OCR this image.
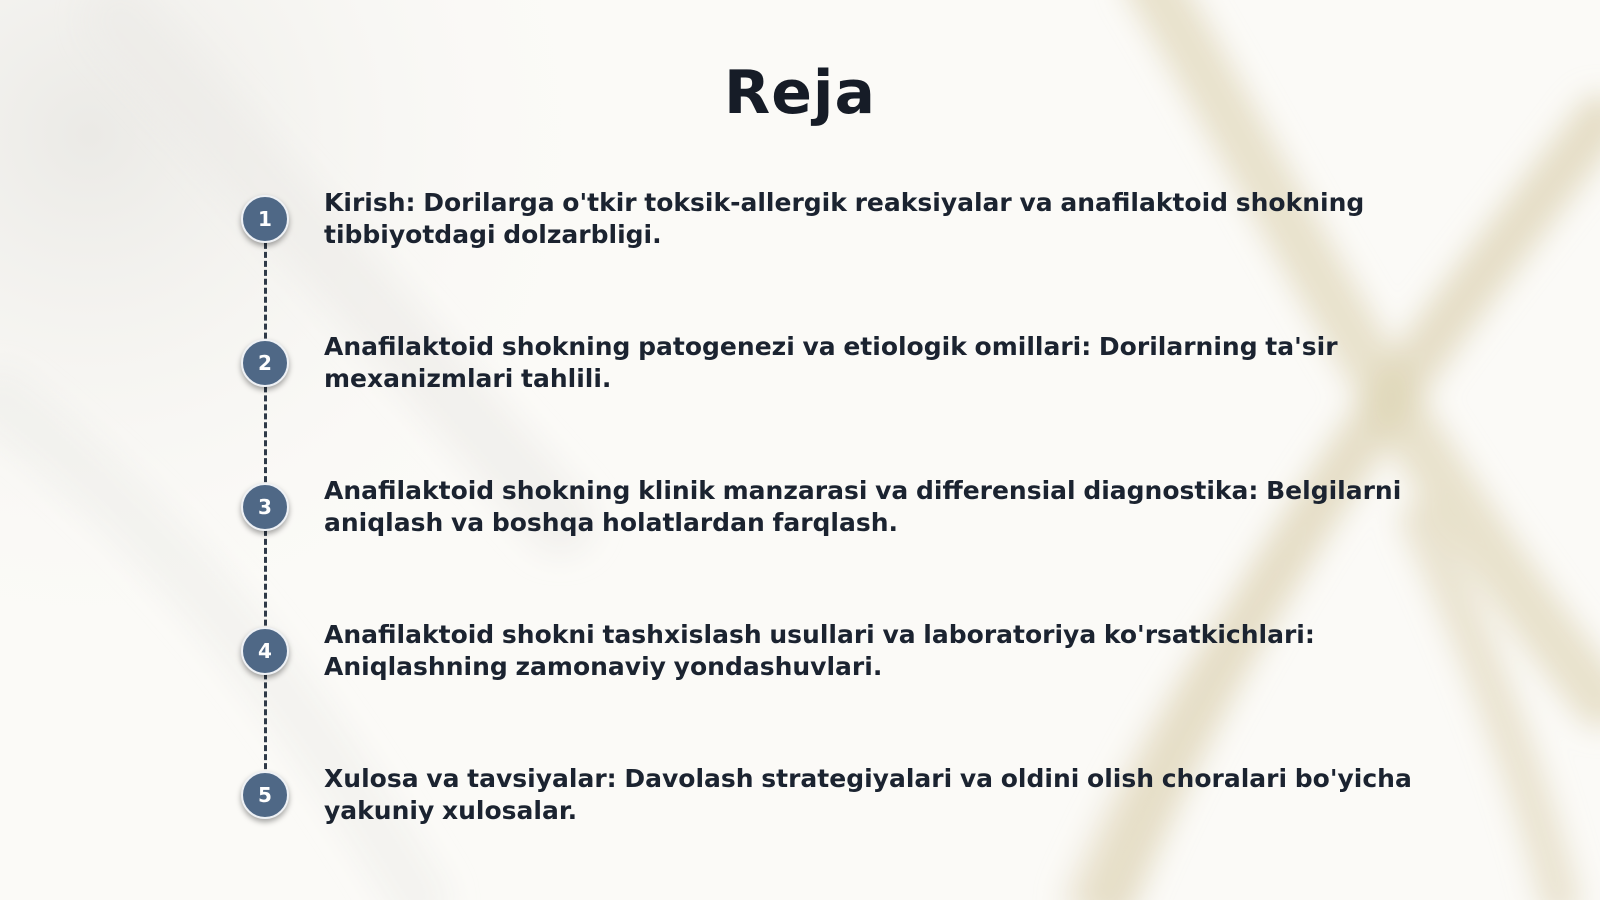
Reja
1
Kirish: Dorilarga o'tkir toksik-allergik reaksiyalar va anafilaktoid shokning tibbiyotdagi dolzarbligi.
2
Anafilaktoid shokning patogenezi va etiologik omillari: Dorilarning ta'sir mexanizmlari tahlili.
3
Anafilaktoid shokning klinik manzarasi va differensial diagnostika: Belgilarni aniqlash va boshqa holatlardan farqlash.
4
Anafilaktoid shokni tashxislash usullari va laboratoriya ko'rsatkichlari: Aniqlashning zamonaviy yondashuvlari.
5
Xulosa va tavsiyalar: Davolash strategiyalari va oldini olish choralari bo'yicha yakuniy xulosalar.
